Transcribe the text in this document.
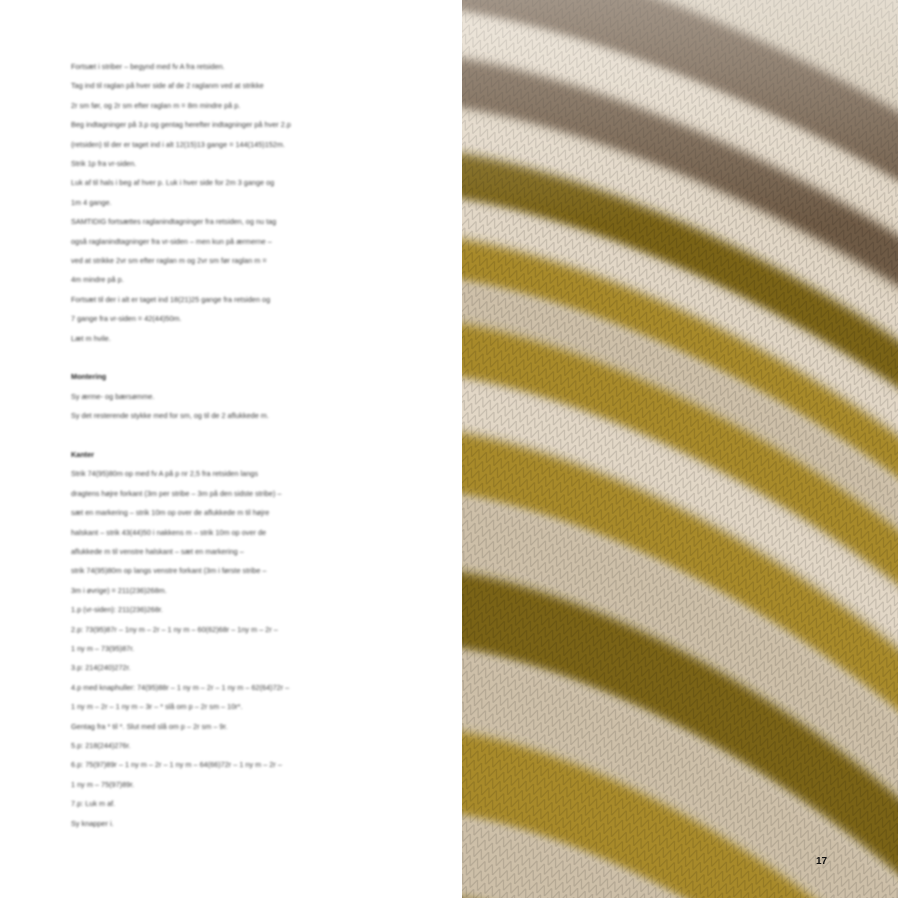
Fortsæt i striber – begynd med fv A fra retsiden.
Tag ind til raglan på hver side af de 2 raglanm ved at strikke
2r sm før, og 2r sm efter raglan m = 8m mindre på p.
Beg indtagninger på 3.p og gentag herefter indtagninger på hver 2.p
(retsiden) til der er taget ind i alt 12(15)13 gange = 144(145)152m.
Strik 1p fra vr-siden.
Luk af til hals i beg af hver p. Luk i hver side for 2m 3 gange og
1m 4 gange.
SAMTIDIG fortsættes raglanindtagninger fra retsiden, og nu tag
også raglanindtagninger fra vr-siden – men kun på ærmerne –
ved at strikke 2vr sm efter raglan m og 2vr sm før raglan m =
4m mindre på p.
Fortsæt til der i alt er taget ind 18(21)25 gange fra retsiden og
7 gange fra vr-siden = 42(44)50m.
Læt m hvile.
Montering
Sy ærme- og bærsømme.
Sy det resterende stykke med for sm, og til de 2 aflukkede m.
Kanter
Strik 74(95)80m op med fv A på p nr 2,5 fra retsiden langs
dragtens højre forkant (3m per stribe – 3m på den sidste stribe) –
sæt en markering – strik 10m op over de aflukkede m til højre
halskant – strik 43(44)50 i nakkens m – strik 10m op over de
aflukkede m til venstre halskant – sæt en markering –
strik 74(95)80m op langs venstre forkant (3m i første stribe –
3m i øvrige) = 211(236)268m.
1.p (vr-siden): 211(236)268r.
2.p: 73(95)87r – 1ny m – 2r – 1 ny m – 60(62)68r – 1ny m – 2r –
1 ny m – 73(95)87r.
3.p: 214(240)272r.
4.p med knaphuller: 74(95)88r – 1 ny m – 2r – 1 ny m – 62(64)72r –
1 ny m – 2r – 1 ny m – 3r – * slå om p – 2r sm – 10r*.
Gentag fra * til *. Slut med slå om p – 2r sm – 9r.
5.p: 218(244)276r.
6.p: 75(97)89r – 1 ny m – 2r – 1 ny m – 64(66)72r – 1 ny m – 2r –
1 ny m – 75(97)89r.
7.p: Luk m af.
Sy knapper i.
17
